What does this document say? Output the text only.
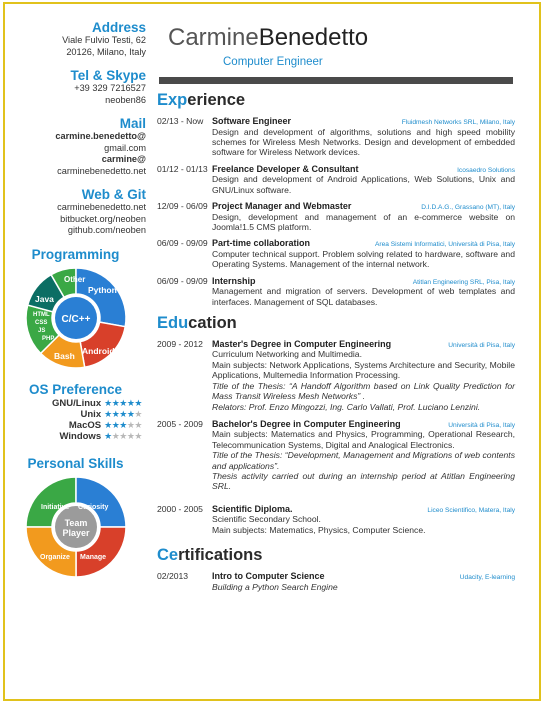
Address

Viale Fulvio Testi, 62
20126, Milano, Italy

Tel & Skype

+39 329 7216527
neoben86

Mail

carmine.benedetto@
gmail.com
carmine@
carminebenedetto.net

Web & Git

carminebenedetto.net
bitbucket.org/neoben
github.com/neoben

Programming

Other
Python
Java
HTML
CSS
JS
PHP
Bash Android
C/C++

OS Preference

GNU/Linux ★★★★★
Unix ★★★★★
MacOS ★★★★★
Windows ★★★★★

Personal Skills

Initiative Curiosity
Organize Manage
Team
Player
CarmineBenedetto
Computer Engineer
Experience
02/13 - Now Software Engineer	Fluidmesh Networks SRL, Milano, Italy
Design and development of algorithms, solutions and high speed mobility schemes for Wireless Mesh Networks. Design and development of embedded software for Wireless Network devices.
01/12 - 01/13 Freelance Developer & Consultant	Icosaedro Solutions
Design and development of Android Applications, Web Solutions, Unix and GNU/Linux software.
12/09 - 06/09 Project Manager and Webmaster	D.I.D.A.G., Grassano (MT), Italy
Design, development and management of an e-commerce website on Joomla!1.5 CMS platform.
06/09 - 09/09 Part-time collaboration	Area Sistemi Informatici, Università di Pisa, Italy
Computer technical support. Problem solving related to hardware, software and Operating Systems. Management of the internal network.
06/09 - 09/09 Internship	Atitlan Engineering SRL, Pisa, Italy
Management and migration of servers. Development of web templates and interfaces. Management of SQL databases.
Education
2009 - 2012	Master's Degree in Computer Engineering	Università di Pisa, Italy
Curriculum Networking and Multimedia.
Main subjects: Network Applications, Systems Architecture and Security, Mobile Applications, Multemedia Information Processing.
Title of the Thesis: “A Handoff Algorithm based on Link Quality Prediction for Mass Transit Wireless Mesh Networks” .
Relators: Prof. Enzo Mingozzi, Ing. Carlo Vallati, Prof. Luciano Lenzini.
2005 - 2009	Bachelor's Degree in Computer Engineering	Università di Pisa, Italy
Main subjects: Matematics and Physics, Programming, Operational Research, Telecommunication Systems, Digital and Analogical Electronics.
Title of the Thesis: “Development, Management and Migrations of web contents and applications”.
Thesis activity carried out during an internship period at Atitlan Engineering SRL.
2000 - 2005	Scientific Diploma.	Liceo Scientifico, Matera, Italy
Scientific Secondary School.
Main subjects: Matematics, Physics, Computer Science.
Certifications
02/2013	Intro to Computer Science	Udacity, E-learning
Building a Python Search Engine
